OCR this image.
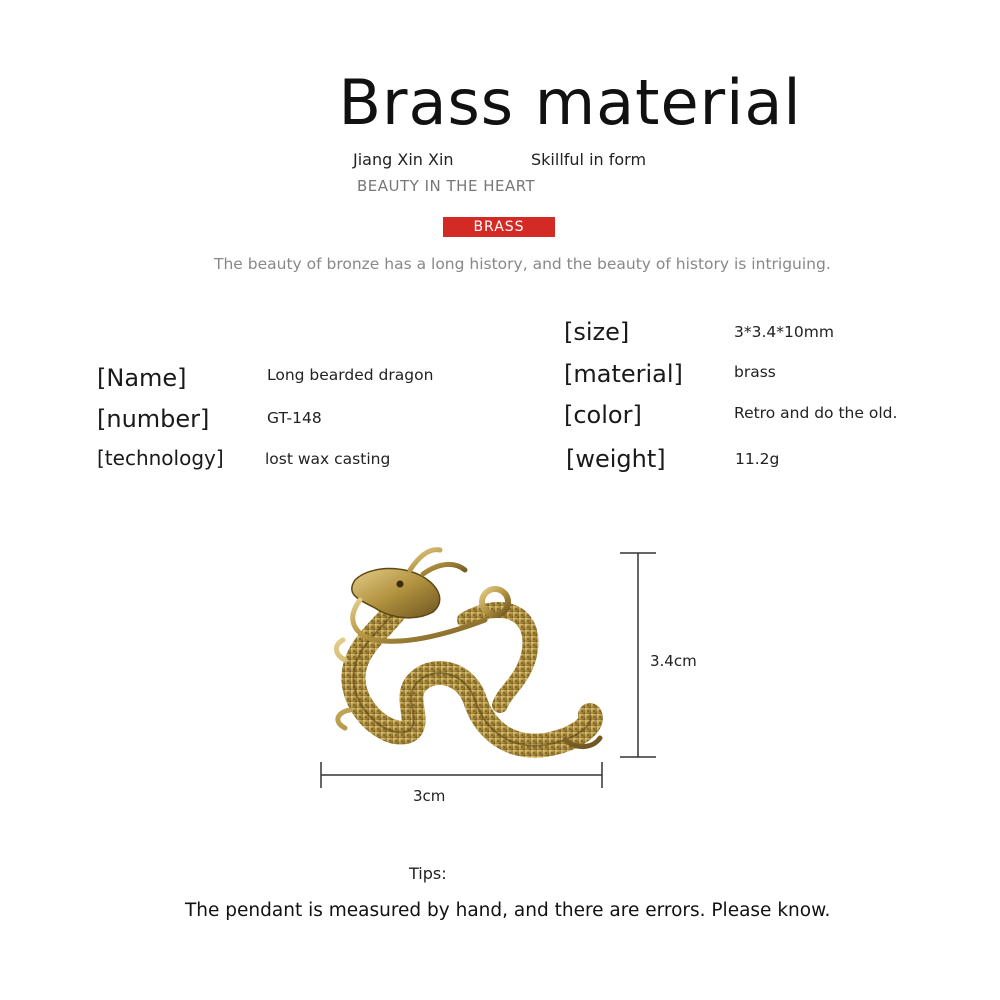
Brass material
Jiang Xin Xin	Skillful in form
BEAUTY IN THE HEART
BRASS
The beauty of bronze has a long history, and the beauty of history is intriguing.
[Name]	Long bearded dragon
[number]	GT-148
[technology]	lost wax casting
[size]	3*3.4*10mm
[material]	brass
[color]	Retro and do the old.
[weight]	11.2g
3.4cm
3cm
Tips:
The pendant is measured by hand, and there are errors. Please know.
